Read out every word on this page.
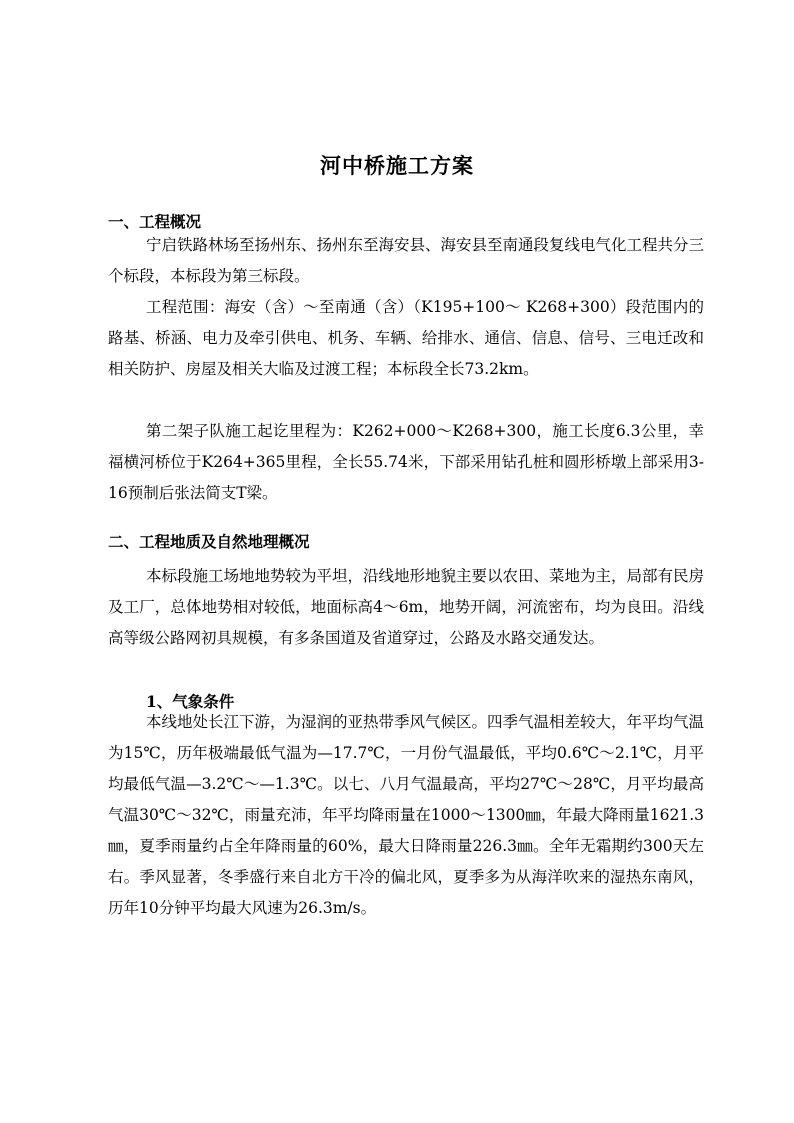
河中桥施工方案
一、工程概况

宁启铁路林场至扬州东、扬州东至海安县、海安县至南通段复线电气化工程共分三个标段，本标段为第三标段。

工程范围：海安（含）～至南通（含）（K195+100～ K268+300）段范围内的路基、桥涵、电力及牵引供电、机务、车辆、给排水、通信、信息、信号、三电迁改和相关防护、房屋及相关大临及过渡工程；本标段全长73.2km。

第二架子队施工起讫里程为：K262+000～K268+300，施工长度6.3公里，幸福横河桥位于K264+365里程，全长55.74米，下部采用钻孔桩和圆形桥墩上部采用3-16预制后张法简支T梁。

二、工程地质及自然地理概况

本标段施工场地地势较为平坦，沿线地形地貌主要以农田、菜地为主，局部有民房及工厂，总体地势相对较低，地面标高4～6m，地势开阔，河流密布，均为良田。沿线高等级公路网初具规模，有多条国道及省道穿过，公路及水路交通发达。

1、气象条件

本线地处长江下游，为湿润的亚热带季风气候区。四季气温相差较大，年平均气温为15℃，历年极端最低气温为—17.7℃，一月份气温最低，平均0.6℃～2.1℃，月平均最低气温—3.2℃～—1.3℃。以七、八月气温最高，平均27℃～28℃，月平均最高气温30℃～32℃，雨量充沛，年平均降雨量在1000～1300㎜，年最大降雨量1621.3㎜，夏季雨量约占全年降雨量的60%，最大日降雨量226.3㎜。全年无霜期约300天左右。季风显著，冬季盛行来自北方干冷的偏北风，夏季多为从海洋吹来的湿热东南风，历年10分钟平均最大风速为26.3m/s。
